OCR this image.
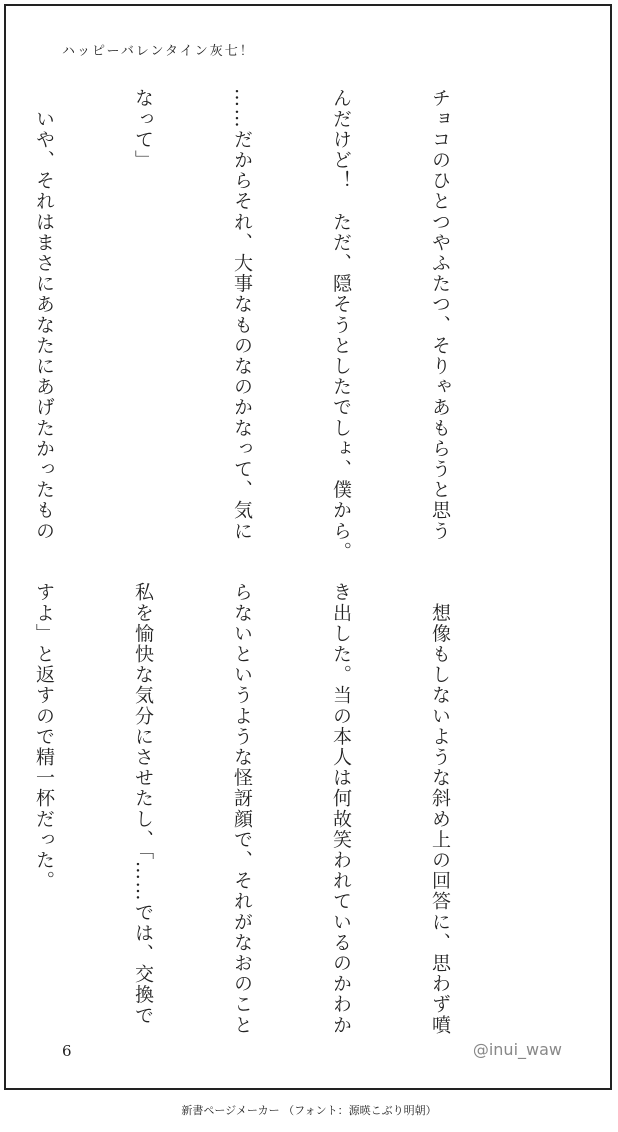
ハッピーバレンタイン灰七！

チョコのひとつやふたつ、そりゃあもらうと思う

んだけど！　ただ、隠そうとしたでしょ、僕から。

……だからそれ、大事なものなのかなって、気に

なって」

　いや、それはまさにあなたにあげたかったもの

　想像もしないような斜め上の回答に、思わず噴

き出した。当の本人は何故笑われているのかわか

らないというような怪訝顔で、それがなおのこと

私を愉快な気分にさせたし、「……では、交換で

すよ」と返すので精一杯だった。

6	@inui_waw
新書ページメーカー （フォント：源暎こぶり明朝）
